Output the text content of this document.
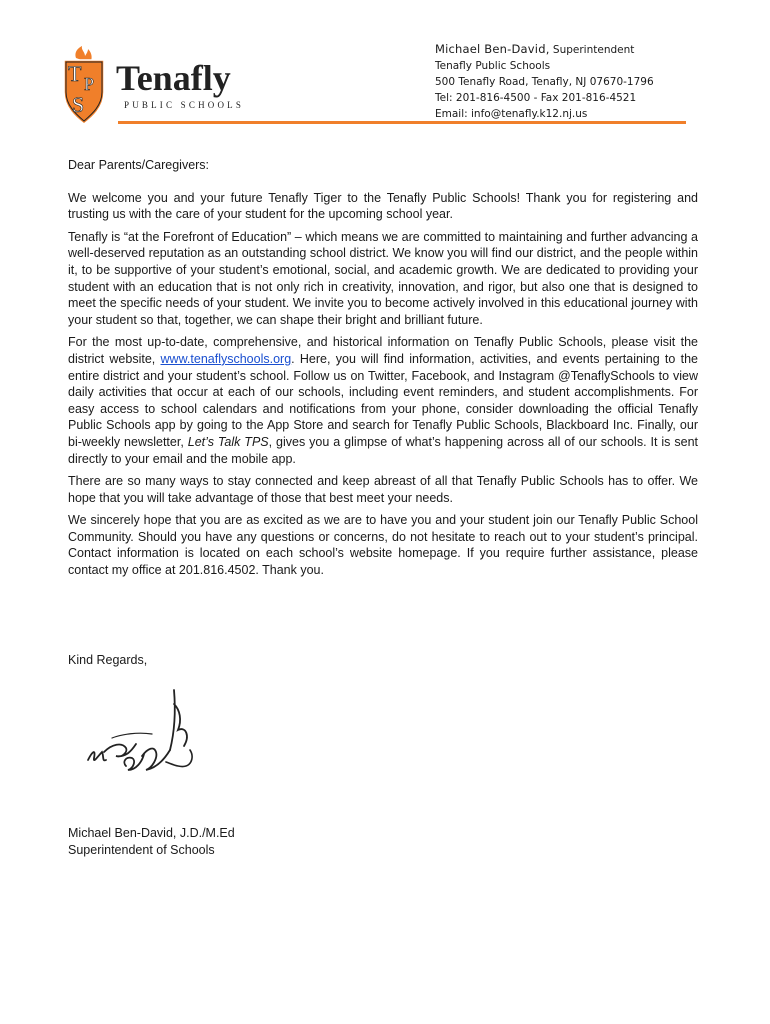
T P
S
Tenafly
PUBLIC SCHOOLS
Michael Ben-David, Superintendent
Tenafly Public Schools
500 Tenafly Road, Tenafly, NJ 07670-1796
Tel: 201-816-4500 - Fax 201-816-4521
Email: info@tenafly.k12.nj.us

Dear Parents/Caregivers:

We welcome you and your future Tenafly Tiger to the Tenafly Public Schools! Thank you for registering and trusting us with the care of your student for the upcoming school year.

Tenafly is “at the Forefront of Education” – which means we are committed to maintaining and further advancing a well-deserved reputation as an outstanding school district. We know you will find our district, and the people within it, to be supportive of your student’s emotional, social, and academic growth. We are dedicated to providing your student with an education that is not only rich in creativity, innovation, and rigor, but also one that is designed to meet the specific needs of your student. We invite you to become actively involved in this educational journey with your student so that, together, we can shape their bright and brilliant future.

For the most up-to-date, comprehensive, and historical information on Tenafly Public Schools, please visit the district website, www.tenaflyschools.org. Here, you will find information, activities, and events pertaining to the entire district and your student’s school. Follow us on Twitter, Facebook, and Instagram @TenaflySchools to view daily activities that occur at each of our schools, including event reminders, and student accomplishments. For easy access to school calendars and notifications from your phone, consider downloading the official Tenafly Public Schools app by going to the App Store and search for Tenafly Public Schools, Blackboard Inc. Finally, our bi-weekly newsletter, Let’s Talk TPS, gives you a glimpse of what’s happening across all of our schools. It is sent directly to your email and the mobile app.

There are so many ways to stay connected and keep abreast of all that Tenafly Public Schools has to offer. We hope that you will take advantage of those that best meet your needs.

We sincerely hope that you are as excited as we are to have you and your student join our Tenafly Public School Community. Should you have any questions or concerns, do not hesitate to reach out to your student’s principal. Contact information is located on each school’s website homepage. If you require further assistance, please contact my office at 201.816.4502. Thank you.

Kind Regards,
Michael Ben-David, J.D./M.Ed
Superintendent of Schools
